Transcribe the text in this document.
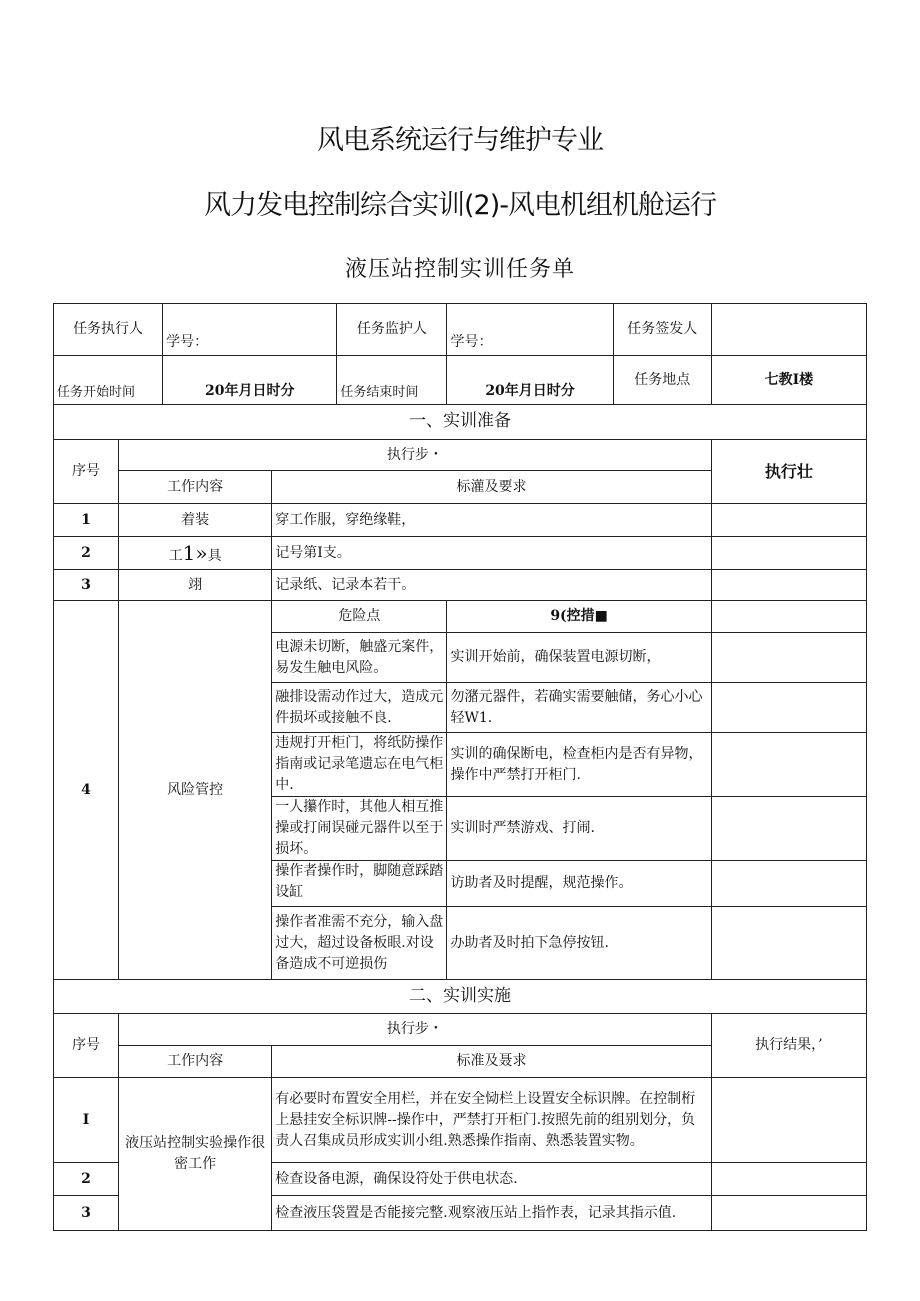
风电系统运行与维护专业
风力发电控制综合实训(2)-风电机组机舱运行
液压站控制实训任务单
任务执行人		学号：		任务监护人	学号：	任务签发人	
任务开始时间		20年月日时分		任务结束时间	20年月日时分	任务地点	七教I楼
一、实训准备							
序号	执行步・						执行壮
	工作内容		标灌及要求				
1	着装		穿工作服，穿绝缘鞋，				
2	工1»具		记号第I支。				
3	翊		记录纸、记录本若干。				
4	风险管控		危险点		9(控措■		
			电源未切断，触盛元案件，易发生触电风险。		实训开始前，确保装置电源切断，		
			融排设需动作过大，造成元件损坏或接触不良.		勿潴元器件，若确实需要触储，务心小心轻W1.		
			违规打开柜门，将纸防操作指南或记录笔遗忘在电气柜中.		实训的确保断电，检查柜内是否有异物，操作中严禁打开柜门.		
			一人攥作时，其他人相互推操或打闹误碰元器件以至于损坏。		实训时严禁游戏、打闹.		
			操作者操作时，脚随意踩踏设缸		访助者及时提醒，规范操作。		
			操作者准需不充分，输入盘过大，超过设备板眼.对设备造成不可逆损伤		办助者及时拍下急停按钮.		
二、实训实施							
序号	执行步・						执行结果，’
	工作内容		标准及聂求				
I	液压站控制实验操作很密工作		有必要时布置安全用栏，并在安全恸栏上设置安全标识牌。在控制桁上悬挂安全标识牌--操作中，严禁打开柜门.按照先前的组别划分，负责人召集成员形成实训小组.熟悉操作指南、熟悉装置实物。				
2			检查设备电源，确保设符处于供电状态.				
3			检查液压袋置是否能接完整.观察液压站上指怍表，记录其指示值.				
